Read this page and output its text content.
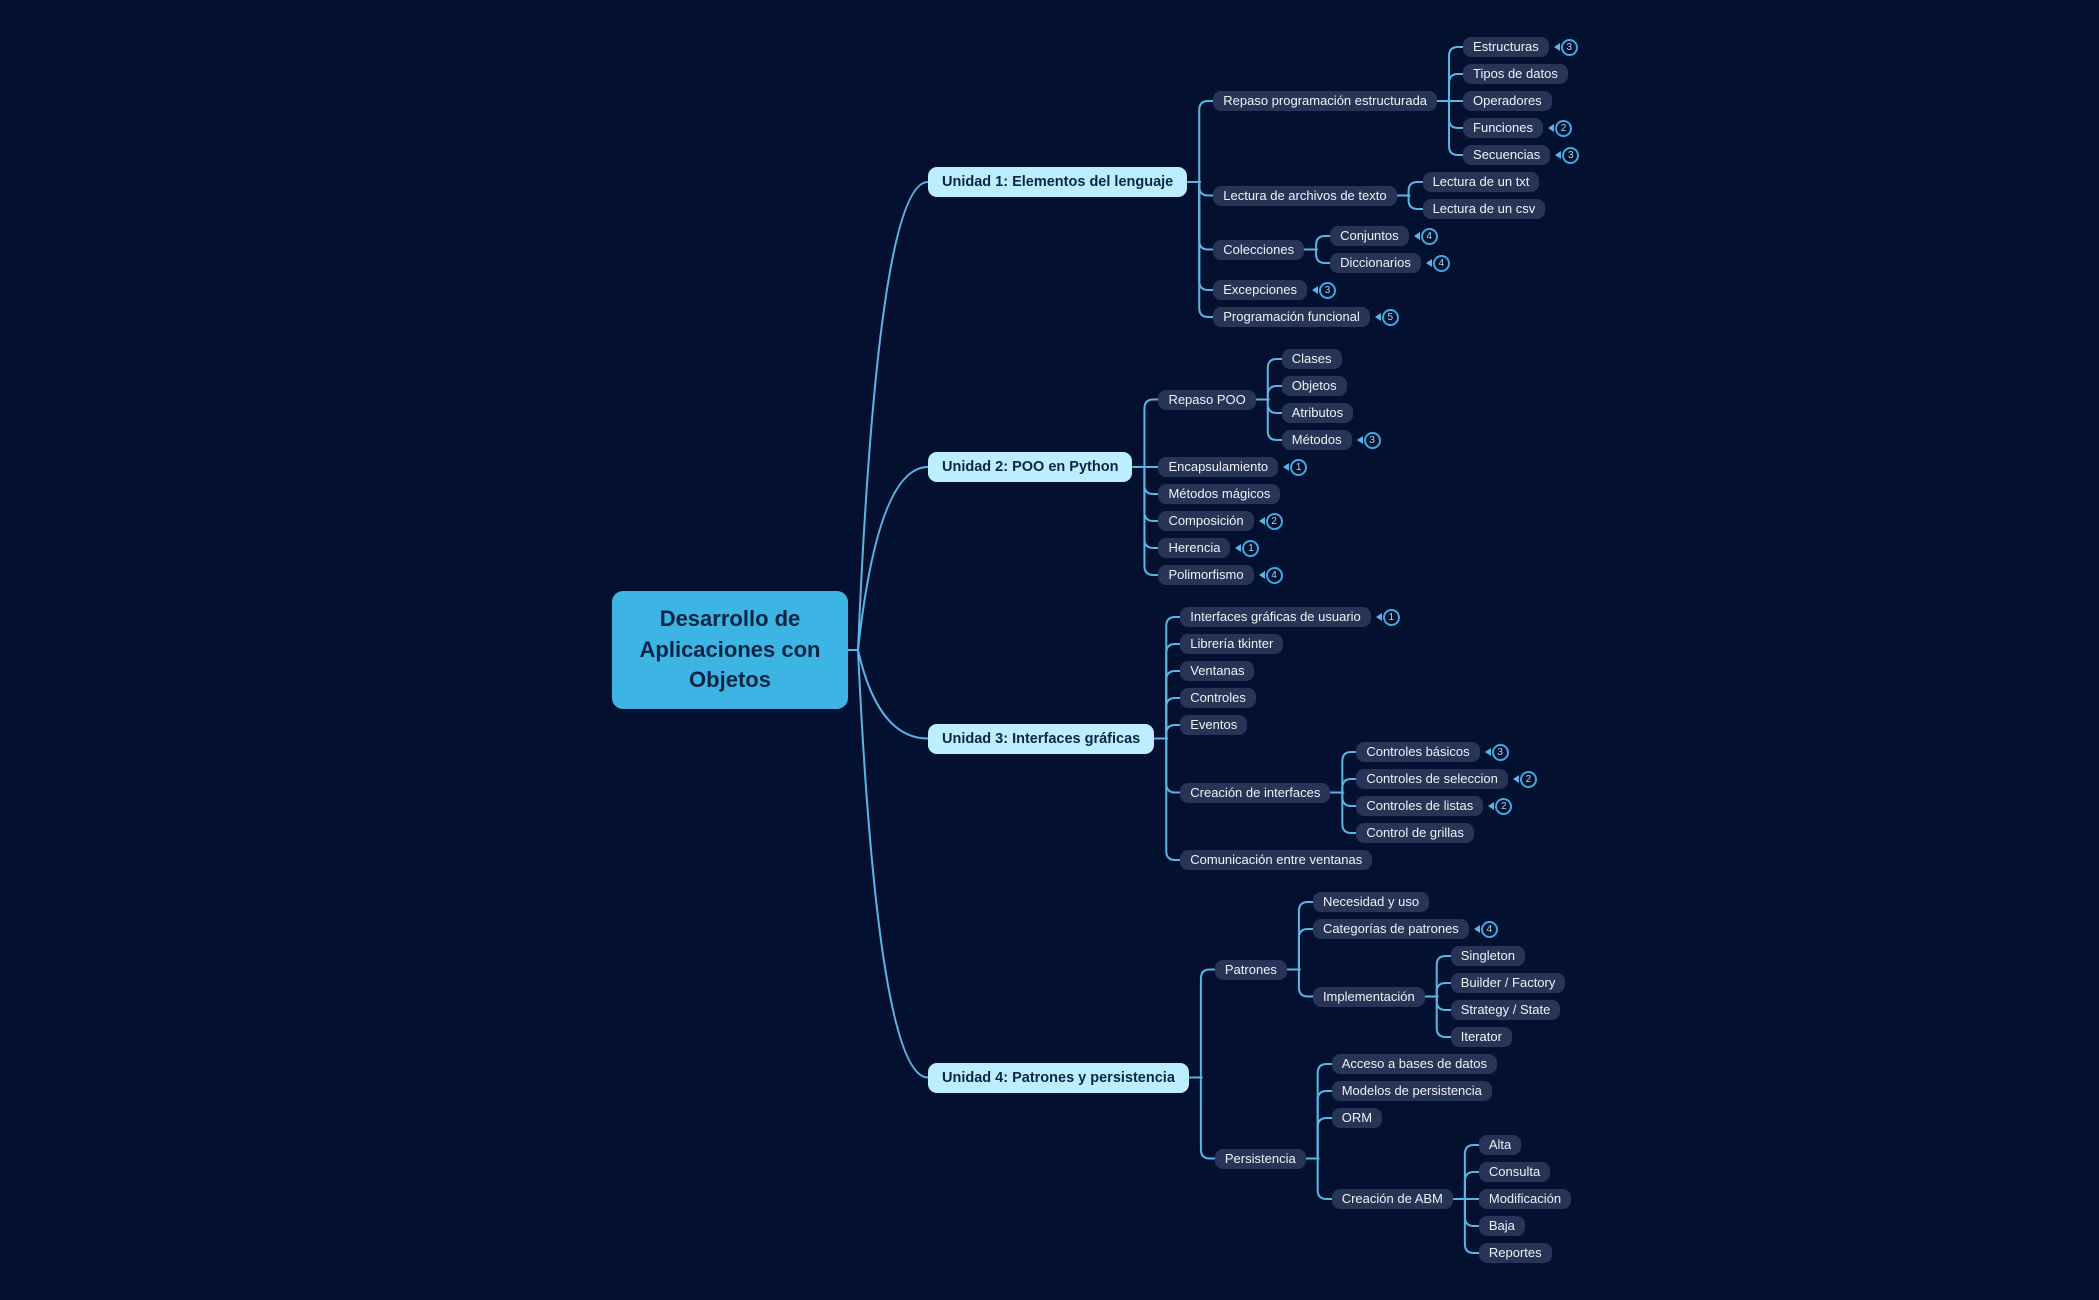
Desarrollo de Aplicaciones con Objetos
Unidad 1: Elementos del lenguaje
Repaso programación estructurada
Estructuras	3
Tipos de datos
Operadores
Funciones	2
Secuencias	3
Lectura de archivos de texto
Lectura de un txt
Lectura de un csv
Colecciones
Conjuntos	4
Diccionarios	4
Excepciones	3
Programación funcional	5
Unidad 2: POO en Python
Repaso POO
Clases
Objetos
Atributos
Métodos	3
Encapsulamiento	1
Métodos mágicos
Composición	2
Herencia	1
Polimorfismo	4
Unidad 3: Interfaces gráficas
Interfaces gráficas de usuario	1
Librería tkinter
Ventanas
Controles
Eventos
Creación de interfaces
Controles básicos	3
Controles de seleccion	2
Controles de listas	2
Control de grillas
Comunicación entre ventanas
Unidad 4: Patrones y persistencia
Patrones
Necesidad y uso
Categorías de patrones	4
Implementación
Singleton
Builder / Factory
Strategy / State
Iterator
Persistencia
Acceso a bases de datos
Modelos de persistencia
ORM
Creación de ABM
Alta
Consulta
Modificación
Baja
Reportes
